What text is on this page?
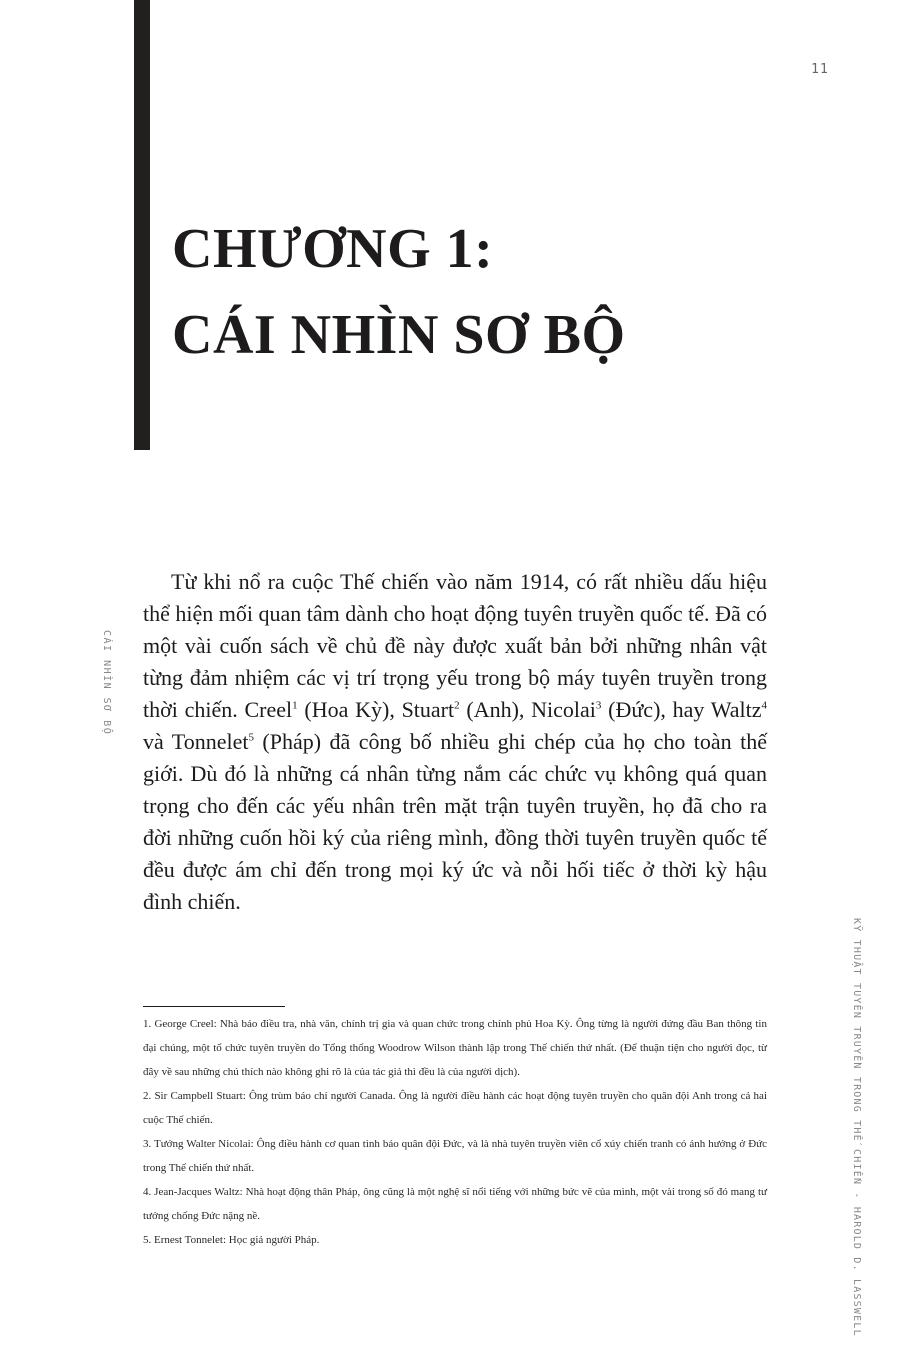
11
CHƯƠNG 1:
CÁI NHÌN SƠ BỘ
CÁI NHÌN SƠ BỘ
KỸ THUẬT TUYÊN TRUYỀN TRONG THẾ CHIẾN - HAROLD D. LASSWELL

Từ khi nổ ra cuộc Thế chiến vào năm 1914, có rất nhiều dấu hiệu thể hiện mối quan tâm dành cho hoạt động tuyên truyền quốc tế. Đã có một vài cuốn sách về chủ đề này được xuất bản bởi những nhân vật từng đảm nhiệm các vị trí trọng yếu trong bộ máy tuyên truyền trong thời chiến. Creel$^1$ (Hoa Kỳ), Stuart$^2$ (Anh), Nicolai$^3$ (Đức), hay Waltz$^4$ và Tonnelet$^5$ (Pháp) đã công bố nhiều ghi chép của họ cho toàn thế giới. Dù đó là những cá nhân từng nắm các chức vụ không quá quan trọng cho đến các yếu nhân trên mặt trận tuyên truyền, họ đã cho ra đời những cuốn hồi ký của riêng mình, đồng thời tuyên truyền quốc tế đều được ám chỉ đến trong mọi ký ức và nỗi hối tiếc ở thời kỳ hậu đình chiến.

1. George Creel: Nhà báo điều tra, nhà văn, chính trị gia và quan chức trong chính phủ Hoa Kỳ. Ông từng là người đứng đầu Ban thông tin đại chúng, một tổ chức tuyên truyền do Tổng thống Woodrow Wilson thành lập trong Thế chiến thứ nhất. (Để thuận tiện cho người đọc, từ đây về sau những chú thích nào không ghi rõ là của tác giả thì đều là của người dịch).
2. Sir Campbell Stuart: Ông trùm báo chí người Canada. Ông là người điều hành các hoạt động tuyên truyền cho quân đội Anh trong cả hai cuộc Thế chiến.
3. Tướng Walter Nicolai: Ông điều hành cơ quan tình báo quân đội Đức, và là nhà tuyên truyền viên cổ xúy chiến tranh có ảnh hưởng ở Đức trong Thế chiến thứ nhất.
4. Jean-Jacques Waltz: Nhà hoạt động thân Pháp, ông cũng là một nghệ sĩ nổi tiếng với những bức vẽ của mình, một vài trong số đó mang tư tưởng chống Đức nặng nề.
5. Ernest Tonnelet: Học giả người Pháp.
